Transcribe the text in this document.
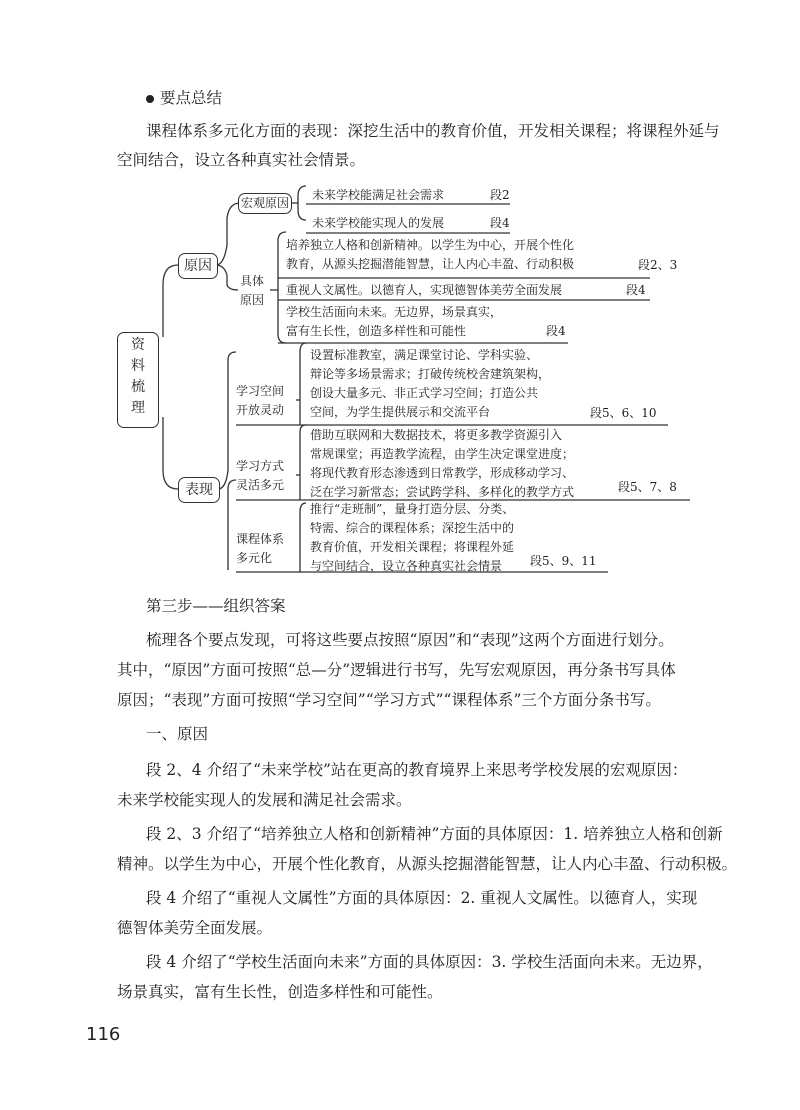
要点总结
课程体系多元化方面的表现：深挖生活中的教育价值，开发相关课程；将课程外延与
空间结合，设立各种真实社会情景。
资
料
梳
理
原因
表现
宏观原因
未来学校能满足社会需求	段2
未来学校能实现人的发展	段4
具体
原因
培养独立人格和创新精神。以学生为中心，开展个性化
教育，从源头挖掘潜能智慧，让人内心丰盈、行动积极	段2、3
重视人文属性。以德育人，实现德智体美劳全面发展	段4
学校生活面向未来。无边界，场景真实，
富有生长性，创造多样性和可能性	段4
学习空间
开放灵动
设置标准教室，满足课堂讨论、学科实验、
辩论等多场景需求；打破传统校舍建筑架构，
创设大量多元、非正式学习空间；打造公共
空间，为学生提供展示和交流平台	段5、6、10
学习方式
灵活多元
借助互联网和大数据技术，将更多教学资源引入
常规课堂；再造教学流程，由学生决定课堂进度；
将现代教育形态渗透到日常教学，形成移动学习、
泛在学习新常态；尝试跨学科、多样化的教学方式	段5、7、8
课程体系
多元化
推行“走班制”，量身打造分层、分类、
特需、综合的课程体系；深挖生活中的
教育价值，开发相关课程；将课程外延
与空间结合，设立各种真实社会情景	段5、9、11
第三步——组织答案
梳理各个要点发现，可将这些要点按照“原因”和“表现”这两个方面进行划分。
其中，“原因”方面可按照“总—分”逻辑进行书写，先写宏观原因，再分条书写具体
原因；“表现”方面可按照“学习空间”“学习方式”“课程体系”三个方面分条书写。
一、原因
段 2、4 介绍了“未来学校”站在更高的教育境界上来思考学校发展的宏观原因：
未来学校能实现人的发展和满足社会需求。
段 2、3 介绍了“培养独立人格和创新精神”方面的具体原因：1. 培养独立人格和创新
精神。以学生为中心，开展个性化教育，从源头挖掘潜能智慧，让人内心丰盈、行动积极。
段 4 介绍了“重视人文属性”方面的具体原因：2. 重视人文属性。以德育人，实现
德智体美劳全面发展。
段 4 介绍了“学校生活面向未来”方面的具体原因：3. 学校生活面向未来。无边界，
场景真实，富有生长性，创造多样性和可能性。
116
